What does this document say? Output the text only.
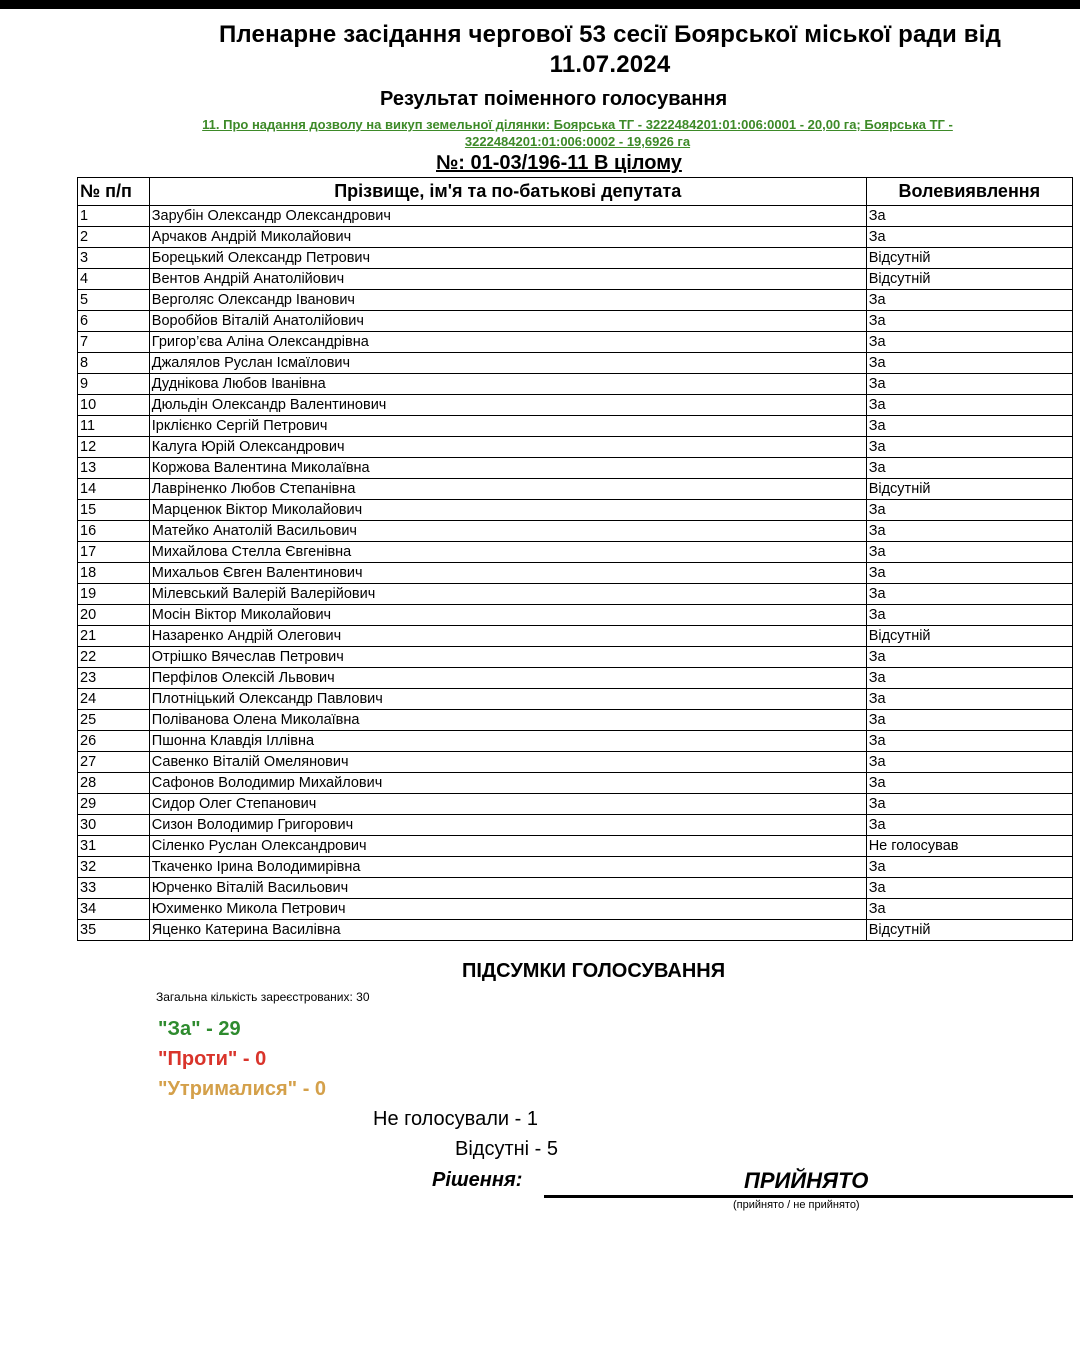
Пленарне засідання чергової 53 сесії Боярської міської ради від
11.07.2024
Результат поіменного голосування
11. Про надання дозволу на викуп земельної ділянки: Боярська ТГ - 3222484201:01:006:0001 - 20,00 га; Боярська ТГ -
3222484201:01:006:0002 - 19,6926 га
№: 01-03/196-11 В цілому
№ п/п	Прізвище, ім'я та по-батькові депутата	Волевиявлення
1	Зарубін Олександр Олександрович	За
2	Арчаков Андрій Миколайович	За
3	Борецький Олександр Петрович	Відсутній
4	Вентов Андрій Анатолійович	Відсутній
5	Верголяс Олександр Іванович	За
6	Воробйов Віталій Анатолійович	За
7	Григор’єва Аліна Олександрівна	За
8	Джалялов Руслан Ісмаїлович	За
9	Дуднікова Любов Іванівна	За
10	Дюльдін Олександр Валентинович	За
11	Ірклієнко Сергій Петрович	За
12	Калуга Юрій Олександрович	За
13	Коржова Валентина Миколаївна	За
14	Лавріненко Любов Степанівна	Відсутній
15	Марценюк Віктор Миколайович	За
16	Матейко Анатолій Васильович	За
17	Михайлова Стелла Євгенівна	За
18	Михальов Євген Валентинович	За
19	Мілевський Валерій Валерійович	За
20	Мосін Віктор Миколайович	За
21	Назаренко Андрій Олегович	Відсутній
22	Отрішко Вячеслав Петрович	За
23	Перфілов Олексій Львович	За
24	Плотніцький Олександр Павлович	За
25	Поліванова Олена Миколаївна	За
26	Пшонна Клавдія Іллівна	За
27	Савенко Віталій Омелянович	За
28	Сафонов Володимир Михайлович	За
29	Сидор Олег Степанович	За
30	Сизон Володимир Григорович	За
31	Сіленко Руслан Олександрович	Не голосував
32	Ткаченко Ірина Володимирівна	За
33	Юрченко Віталій Васильович	За
34	Юхименко Микола Петрович	За
35	Яценко Катерина Василівна	Відсутній
ПІДСУМКИ ГОЛОСУВАННЯ
Загальна кількість зареєстрованих: 30
"За" - 29
"Проти" - 0
"Утрималися" - 0
Не голосували - 1
Відсутні - 5
Рішення:	ПРИЙНЯТО
(прийнято / не прийнято)
